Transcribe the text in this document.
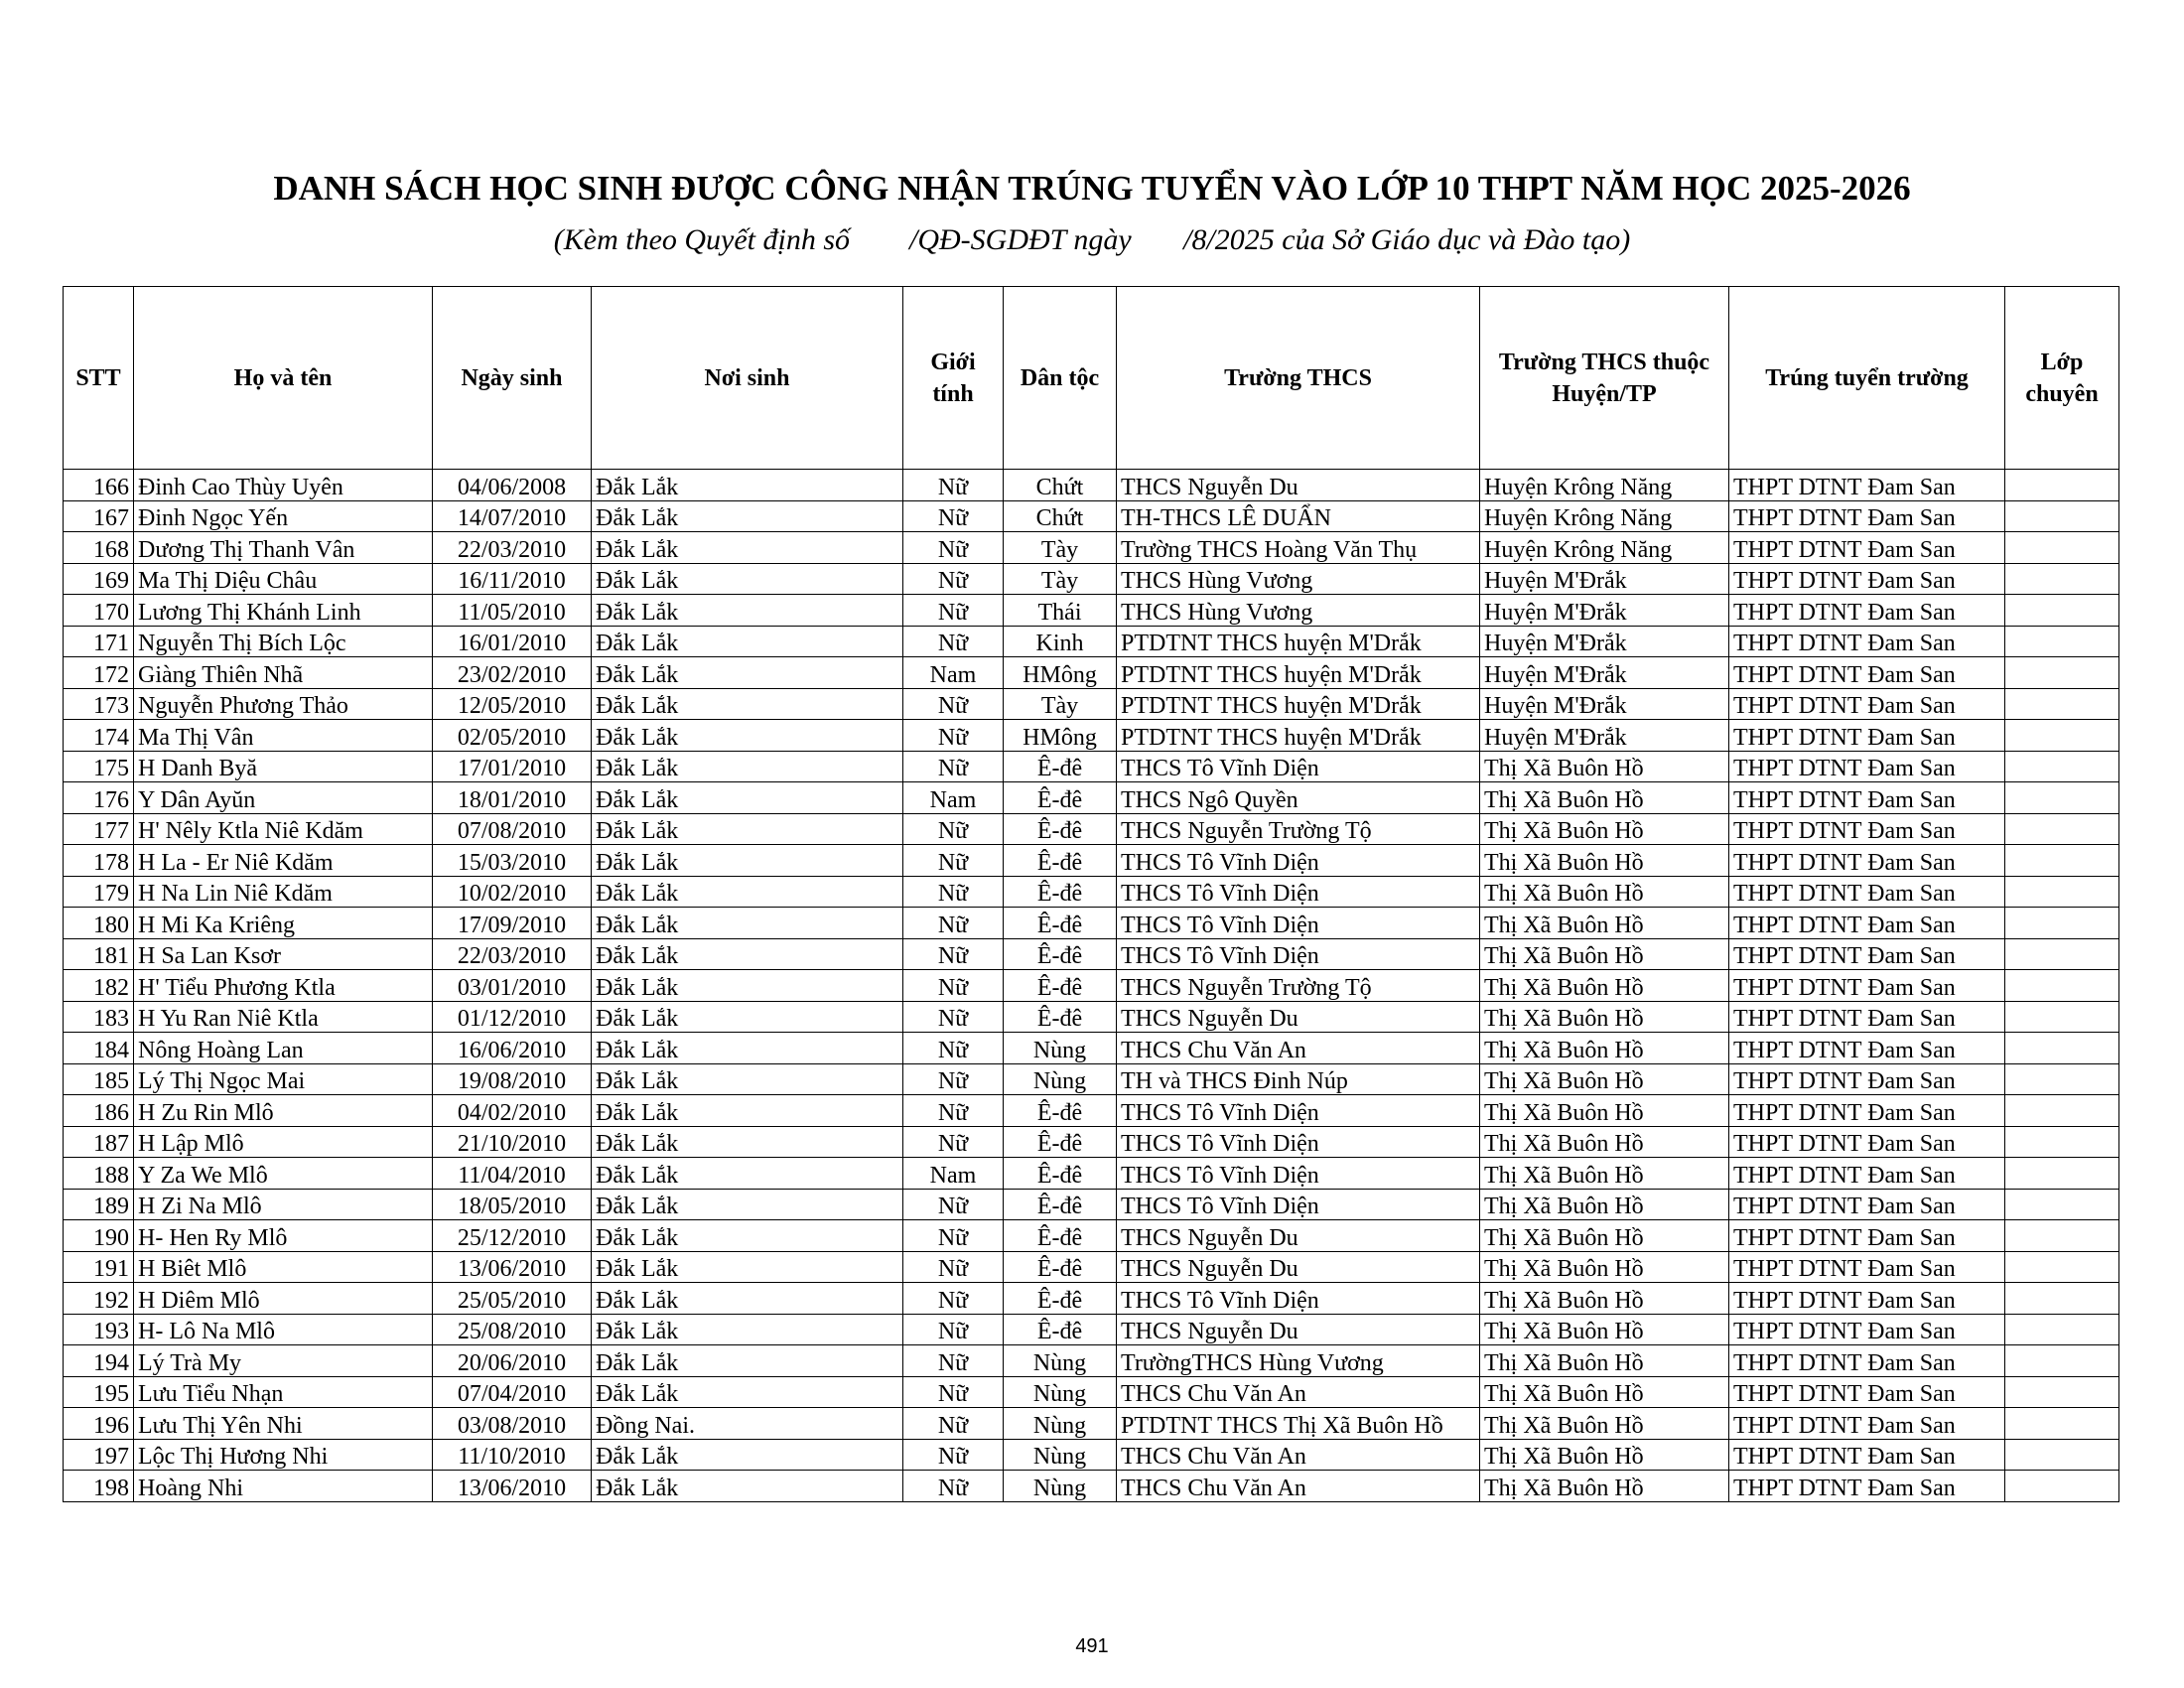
DANH SÁCH HỌC SINH ĐƯỢC CÔNG NHẬN TRÚNG TUYỂN VÀO LỚP 10 THPT NĂM HỌC 2025-2026
(Kèm theo Quyết định số        /QĐ-SGDĐT ngày       /8/2025 của Sở Giáo dục và Đào tạo)
STT	Họ và tên	Ngày sinh	Nơi sinh	Giới tính	Dân tộc	Trường THCS	Trường THCS thuộc Huyện/TP	Trúng tuyển trường	Lớp chuyên
166	Đinh Cao Thùy Uyên	04/06/2008	Đắk Lắk	Nữ	Chứt	THCS Nguyễn Du	Huyện Krông Năng	THPT DTNT Đam San	
167	Đinh Ngọc Yến	14/07/2010	Đắk Lắk	Nữ	Chứt	TH-THCS LÊ DUẨN	Huyện Krông Năng	THPT DTNT Đam San	
168	Dương Thị Thanh Vân	22/03/2010	Đắk Lắk	Nữ	Tày	Trường THCS Hoàng Văn Thụ	Huyện Krông Năng	THPT DTNT Đam San	
169	Ma Thị Diệu Châu	16/11/2010	Đắk Lắk	Nữ	Tày	THCS Hùng Vương	Huyện M'Đrắk	THPT DTNT Đam San	
170	Lương Thị Khánh Linh	11/05/2010	Đắk Lắk	Nữ	Thái	THCS Hùng Vương	Huyện M'Đrắk	THPT DTNT Đam San	
171	Nguyễn Thị Bích Lộc	16/01/2010	Đắk Lắk	Nữ	Kinh	PTDTNT THCS huyện M'Drắk	Huyện M'Đrắk	THPT DTNT Đam San	
172	Giàng Thiên Nhã	23/02/2010	Đắk Lắk	Nam	HMông	PTDTNT THCS huyện M'Drắk	Huyện M'Đrắk	THPT DTNT Đam San	
173	Nguyễn Phương Thảo	12/05/2010	Đắk Lắk	Nữ	Tày	PTDTNT THCS huyện M'Drắk	Huyện M'Đrắk	THPT DTNT Đam San	
174	Ma Thị Vân	02/05/2010	Đắk Lắk	Nữ	HMông	PTDTNT THCS huyện M'Drắk	Huyện M'Đrắk	THPT DTNT Đam San	
175	H Danh Byă	17/01/2010	Đắk Lắk	Nữ	Ê-đê	THCS Tô Vĩnh Diện	Thị Xã Buôn Hồ	THPT DTNT Đam San	
176	Y Dân Ayŭn	18/01/2010	Đắk Lắk	Nam	Ê-đê	THCS Ngô Quyền	Thị Xã Buôn Hồ	THPT DTNT Đam San	
177	H' Nêly Ktla Niê Kdăm	07/08/2010	Đắk Lắk	Nữ	Ê-đê	THCS Nguyễn Trường Tộ	Thị Xã Buôn Hồ	THPT DTNT Đam San	
178	H La - Er Niê Kdăm	15/03/2010	Đắk Lắk	Nữ	Ê-đê	THCS Tô Vĩnh Diện	Thị Xã Buôn Hồ	THPT DTNT Đam San	
179	H Na Lin Niê Kdăm	10/02/2010	Đắk Lắk	Nữ	Ê-đê	THCS Tô Vĩnh Diện	Thị Xã Buôn Hồ	THPT DTNT Đam San	
180	H Mi Ka Kriêng	17/09/2010	Đắk Lắk	Nữ	Ê-đê	THCS Tô Vĩnh Diện	Thị Xã Buôn Hồ	THPT DTNT Đam San	
181	H Sa Lan Ksơr	22/03/2010	Đắk Lắk	Nữ	Ê-đê	THCS Tô Vĩnh Diện	Thị Xã Buôn Hồ	THPT DTNT Đam San	
182	H' Tiểu Phương Ktla	03/01/2010	Đắk Lắk	Nữ	Ê-đê	THCS Nguyễn Trường Tộ	Thị Xã Buôn Hồ	THPT DTNT Đam San	
183	H Yu Ran Niê Ktla	01/12/2010	Đắk Lắk	Nữ	Ê-đê	THCS Nguyễn Du	Thị Xã Buôn Hồ	THPT DTNT Đam San	
184	Nông Hoàng Lan	16/06/2010	Đắk Lắk	Nữ	Nùng	THCS Chu Văn An	Thị Xã Buôn Hồ	THPT DTNT Đam San	
185	Lý Thị Ngọc Mai	19/08/2010	Đắk Lắk	Nữ	Nùng	TH và THCS Đinh Núp	Thị Xã Buôn Hồ	THPT DTNT Đam San	
186	H Zu Rin Mlô	04/02/2010	Đắk Lắk	Nữ	Ê-đê	THCS Tô Vĩnh Diện	Thị Xã Buôn Hồ	THPT DTNT Đam San	
187	H Lập Mlô	21/10/2010	Đắk Lắk	Nữ	Ê-đê	THCS Tô Vĩnh Diện	Thị Xã Buôn Hồ	THPT DTNT Đam San	
188	Y Za We Mlô	11/04/2010	Đắk Lắk	Nam	Ê-đê	THCS Tô Vĩnh Diện	Thị Xã Buôn Hồ	THPT DTNT Đam San	
189	H Zi Na Mlô	18/05/2010	Đắk Lắk	Nữ	Ê-đê	THCS Tô Vĩnh Diện	Thị Xã Buôn Hồ	THPT DTNT Đam San	
190	H- Hen Ry Mlô	25/12/2010	Đắk Lắk	Nữ	Ê-đê	THCS Nguyễn Du	Thị Xã Buôn Hồ	THPT DTNT Đam San	
191	H Biêt Mlô	13/06/2010	Đắk Lắk	Nữ	Ê-đê	THCS Nguyễn Du	Thị Xã Buôn Hồ	THPT DTNT Đam San	
192	H Diêm Mlô	25/05/2010	Đắk Lắk	Nữ	Ê-đê	THCS Tô Vĩnh Diện	Thị Xã Buôn Hồ	THPT DTNT Đam San	
193	H- Lô Na Mlô	25/08/2010	Đắk Lắk	Nữ	Ê-đê	THCS Nguyễn Du	Thị Xã Buôn Hồ	THPT DTNT Đam San	
194	Lý Trà My	20/06/2010	Đắk Lắk	Nữ	Nùng	TrườngTHCS Hùng Vương	Thị Xã Buôn Hồ	THPT DTNT Đam San	
195	Lưu Tiểu Nhạn	07/04/2010	Đắk Lắk	Nữ	Nùng	THCS Chu Văn An	Thị Xã Buôn Hồ	THPT DTNT Đam San	
196	Lưu Thị Yên Nhi	03/08/2010	Đồng Nai.	Nữ	Nùng	PTDTNT THCS Thị Xã Buôn Hồ	Thị Xã Buôn Hồ	THPT DTNT Đam San	
197	Lộc Thị Hương Nhi	11/10/2010	Đắk Lắk	Nữ	Nùng	THCS Chu Văn An	Thị Xã Buôn Hồ	THPT DTNT Đam San	
198	Hoàng Nhi	13/06/2010	Đắk Lắk	Nữ	Nùng	THCS Chu Văn An	Thị Xã Buôn Hồ	THPT DTNT Đam San	
491
